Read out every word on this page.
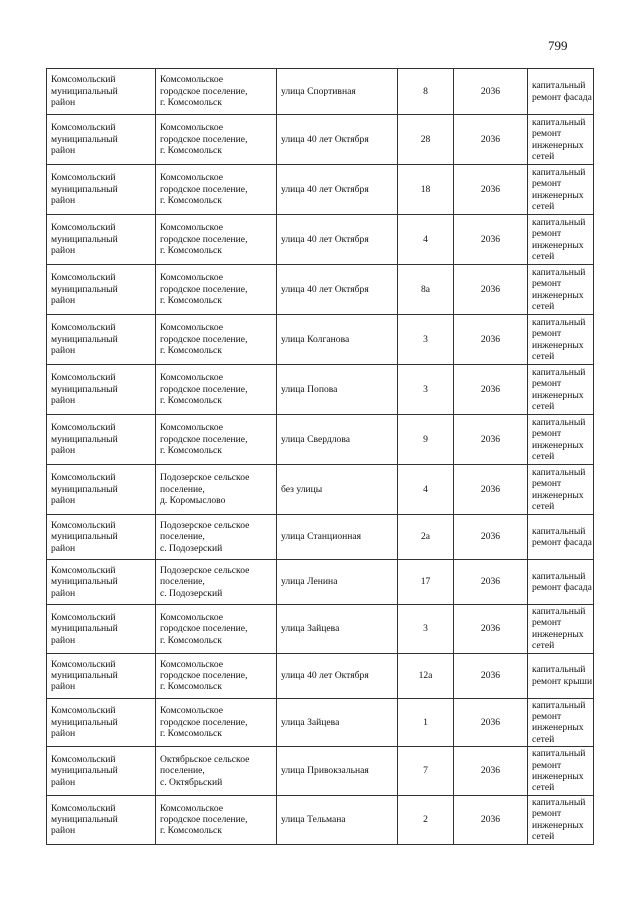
799
Комсомольский
муниципальный
район	Комсомольское
городское поселение,
г. Комсомольск	улица Спортивная	8	2036	капитальный
ремонт фасада

Комсомольский
муниципальный
район	Комсомольское
городское поселение,
г. Комсомольск	улица 40 лет Октября	28	2036	капитальный
ремонт
инженерных
сетей

Комсомольский
муниципальный
район	Комсомольское
городское поселение,
г. Комсомольск	улица 40 лет Октября	18	2036	капитальный
ремонт
инженерных
сетей

Комсомольский
муниципальный
район	Комсомольское
городское поселение,
г. Комсомольск	улица 40 лет Октября	4	2036	капитальный
ремонт
инженерных
сетей

Комсомольский
муниципальный
район	Комсомольское
городское поселение,
г. Комсомольск	улица 40 лет Октября	8а	2036	капитальный
ремонт
инженерных
сетей

Комсомольский
муниципальный
район	Комсомольское
городское поселение,
г. Комсомольск	улица Колганова	3	2036	капитальный
ремонт
инженерных
сетей

Комсомольский
муниципальный
район	Комсомольское
городское поселение,
г. Комсомольск	улица Попова	3	2036	капитальный
ремонт
инженерных
сетей

Комсомольский
муниципальный
район	Комсомольское
городское поселение,
г. Комсомольск	улица Свердлова	9	2036	капитальный
ремонт
инженерных
сетей

Комсомольский
муниципальный
район	Подозерское сельское
поселение,
д. Коромыслово	без улицы	4	2036	капитальный
ремонт
инженерных
сетей

Комсомольский
муниципальный
район	Подозерское сельское
поселение,
с. Подозерский	улица Станционная	2а	2036	капитальный
ремонт фасада

Комсомольский
муниципальный
район	Подозерское сельское
поселение,
с. Подозерский	улица Ленина	17	2036	капитальный
ремонт фасада

Комсомольский
муниципальный
район	Комсомольское
городское поселение,
г. Комсомольск	улица Зайцева	3	2036	капитальный
ремонт
инженерных
сетей

Комсомольский
муниципальный
район	Комсомольское
городское поселение,
г. Комсомольск	улица 40 лет Октября	12а	2036	капитальный
ремонт крыши

Комсомольский
муниципальный
район	Комсомольское
городское поселение,
г. Комсомольск	улица Зайцева	1	2036	капитальный
ремонт
инженерных
сетей

Комсомольский
муниципальный
район	Октябрьское сельское
поселение,
с. Октябрьский	улица Привокзальная	7	2036	капитальный
ремонт
инженерных
сетей

Комсомольский
муниципальный
район	Комсомольское
городское поселение,
г. Комсомольск	улица Тельмана	2	2036	капитальный
ремонт
инженерных
сетей
